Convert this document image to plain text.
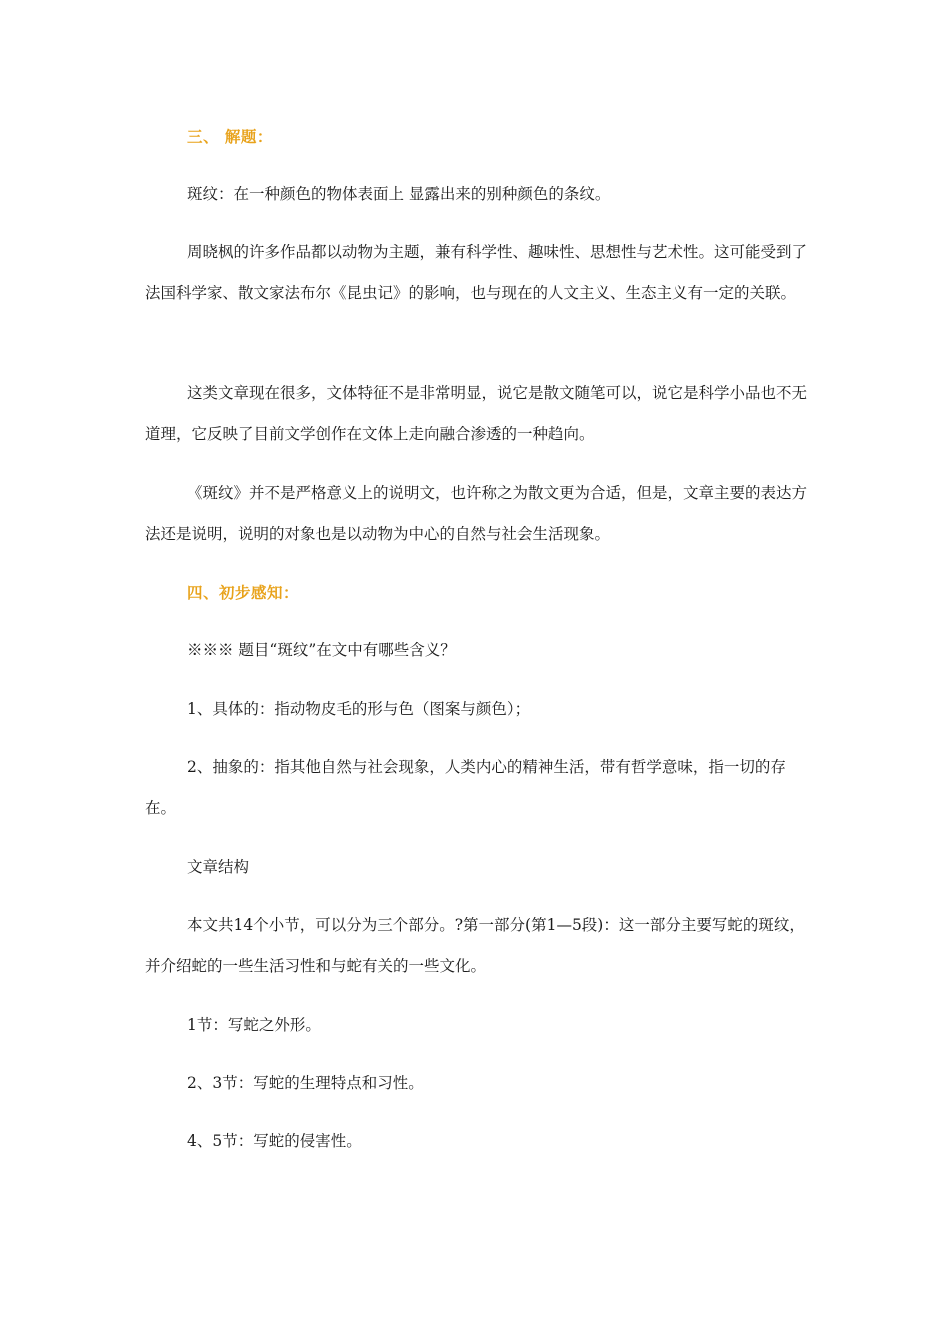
三、 解题：

斑纹：在一种颜色的物体表面上 显露出来的别种颜色的条纹。

周晓枫的许多作品都以动物为主题，兼有科学性、趣味性、思想性与艺术性。这可能受到了法国科学家、散文家法布尔《昆虫记》的影响，也与现在的人文主义、生态主义有一定的关联。

这类文章现在很多，文体特征不是非常明显，说它是散文随笔可以，说它是科学小品也不无道理，它反映了目前文学创作在文体上走向融合渗透的一种趋向。

《斑纹》并不是严格意义上的说明文，也许称之为散文更为合适，但是，文章主要的表达方法还是说明，说明的对象也是以动物为中心的自然与社会生活现象。

四、初步感知：

※※※ 题目“斑纹”在文中有哪些含义？

1、具体的：指动物皮毛的形与色（图案与颜色）；

2、抽象的：指其他自然与社会现象，人类内心的精神生活，带有哲学意味，指一切的存在。

文章结构

本文共14个小节，可以分为三个部分。?第一部分(第1—5段)：这一部分主要写蛇的斑纹，并介绍蛇的一些生活习性和与蛇有关的一些文化。

1节：写蛇之外形。

2、3节：写蛇的生理特点和习性。

4、5节：写蛇的侵害性。
